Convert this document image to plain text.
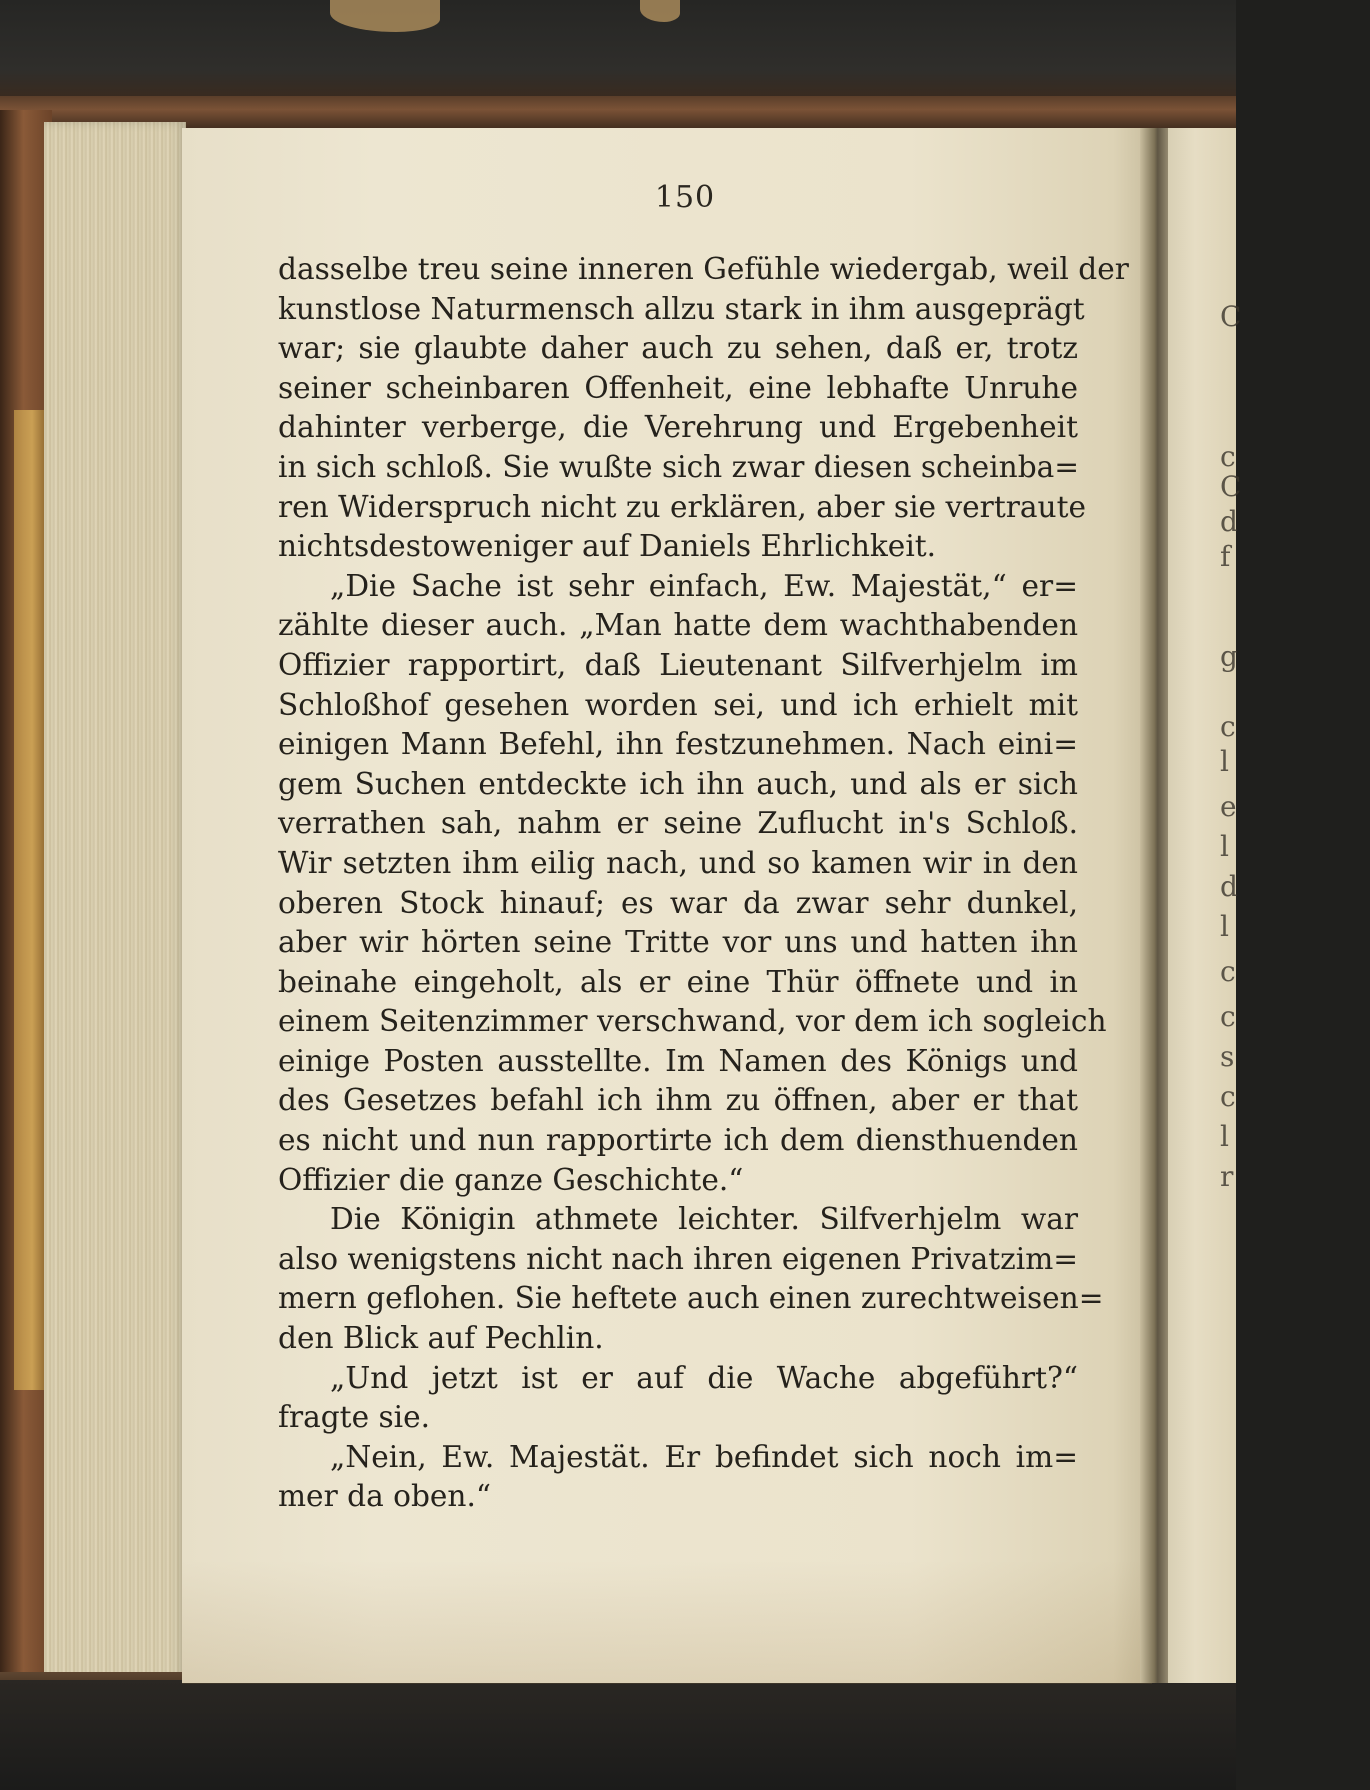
C
c
C
d
f
g
c
l
e
l
d
l
c
c
s
c
l
r
150
dasselbe treu seine inneren Gefühle wiedergab, weil der
kunstlose Naturmensch allzu stark in ihm ausgeprägt
war; sie glaubte daher auch zu sehen, daß er, trotz
seiner scheinbaren Offenheit, eine lebhafte Unruhe
dahinter verberge, die Verehrung und Ergebenheit
in sich schloß. Sie wußte sich zwar diesen scheinba=
ren Widerspruch nicht zu erklären, aber sie vertraute
nichtsdestoweniger auf Daniels Ehrlichkeit.
„Die Sache ist sehr einfach, Ew. Majestät,“ er=
zählte dieser auch. „Man hatte dem wachthabenden
Offizier rapportirt, daß Lieutenant Silfverhjelm im
Schloßhof gesehen worden sei, und ich erhielt mit
einigen Mann Befehl, ihn festzunehmen. Nach eini=
gem Suchen entdeckte ich ihn auch, und als er sich
verrathen sah, nahm er seine Zuflucht in's Schloß.
Wir setzten ihm eilig nach, und so kamen wir in den
oberen Stock hinauf; es war da zwar sehr dunkel,
aber wir hörten seine Tritte vor uns und hatten ihn
beinahe eingeholt, als er eine Thür öffnete und in
einem Seitenzimmer verschwand, vor dem ich sogleich
einige Posten ausstellte. Im Namen des Königs und
des Gesetzes befahl ich ihm zu öffnen, aber er that
es nicht und nun rapportirte ich dem diensthuenden
Offizier die ganze Geschichte.“
Die Königin athmete leichter. Silfverhjelm war
also wenigstens nicht nach ihren eigenen Privatzim=
mern geflohen. Sie heftete auch einen zurechtweisen=
den Blick auf Pechlin.
„Und jetzt ist er auf die Wache abgeführt?“
fragte sie.
„Nein, Ew. Majestät. Er befindet sich noch im=
mer da oben.“
